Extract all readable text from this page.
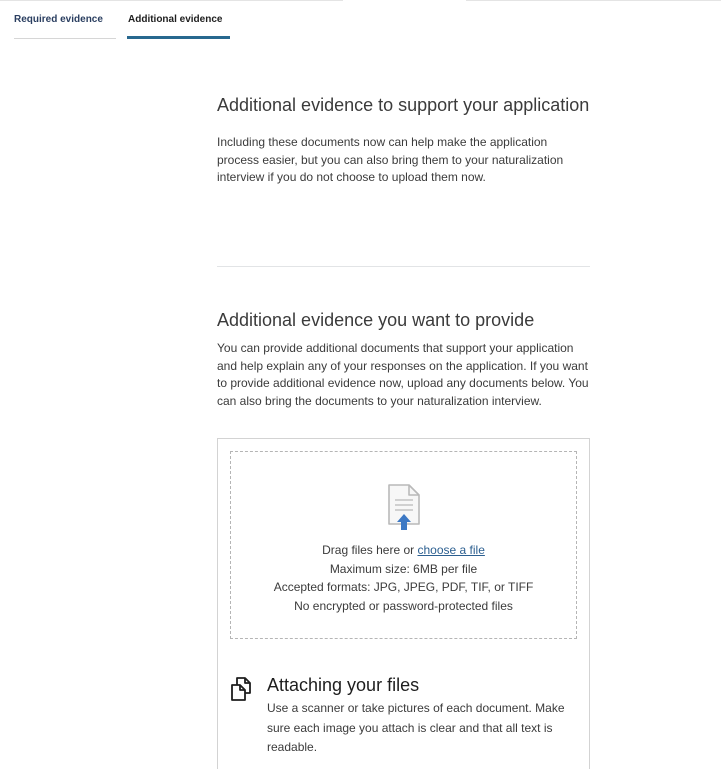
Required evidence	Additional evidence
Additional evidence to support your application

Including these documents now can help make the application process easier, but you can also bring them to your naturalization interview if you do not choose to upload them now.

Additional evidence you want to provide

You can provide additional documents that support your application and help explain any of your responses on the application. If you want to provide additional evidence now, upload any documents below. You can also bring the documents to your naturalization interview.

Drag files here or choose a file
Maximum size: 6MB per file
Accepted formats: JPG, JPEG, PDF, TIF, or TIFF
No encrypted or password-protected files
Attaching your files
Use a scanner or take pictures of each document. Make sure each image you attach is clear and that all text is readable.
